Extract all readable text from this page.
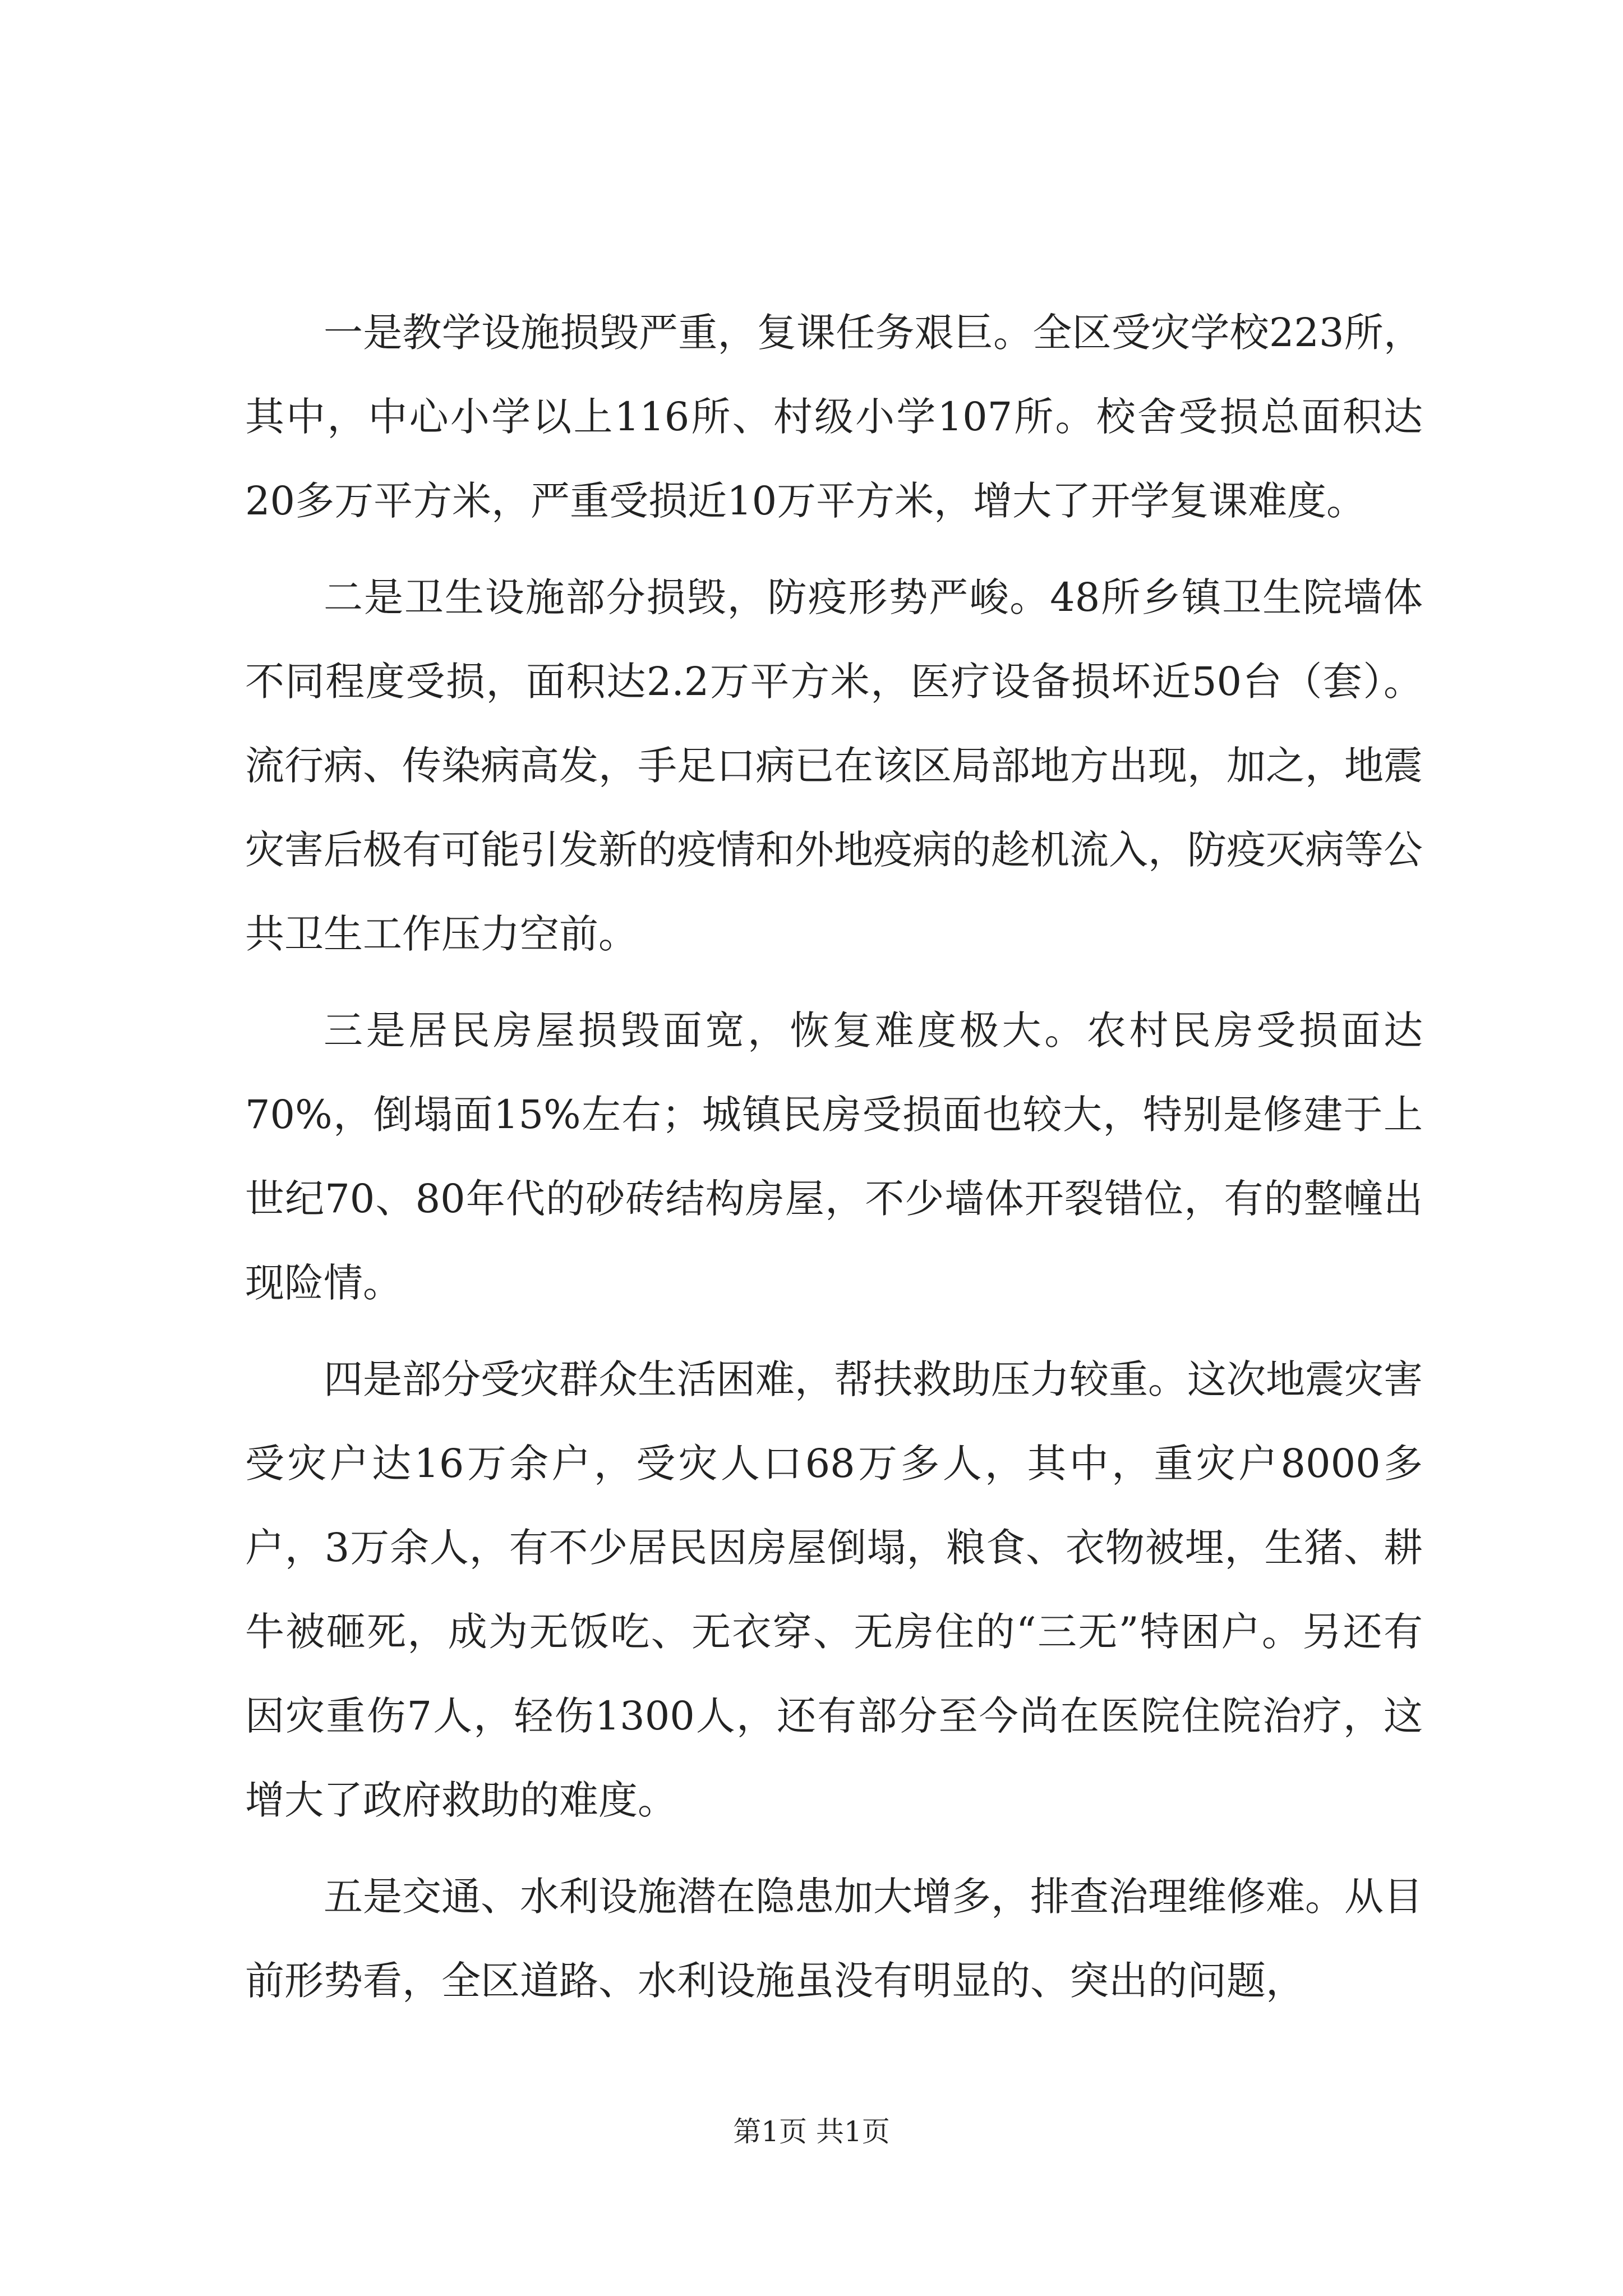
一是教学设施损毁严重，复课任务艰巨。全区受灾学校223所，其中，中心小学以上116所、村级小学107所。校舍受损总面积达20多万平方米，严重受损近10万平方米，增大了开学复课难度。

二是卫生设施部分损毁，防疫形势严峻。48所乡镇卫生院墙体不同程度受损，面积达2.2万平方米，医疗设备损坏近50台（套）。流行病、传染病高发，手足口病已在该区局部地方出现，加之，地震灾害后极有可能引发新的疫情和外地疫病的趁机流入，防疫灭病等公共卫生工作压力空前。

三是居民房屋损毁面宽，恢复难度极大。农村民房受损面达70%，倒塌面15%左右；城镇民房受损面也较大，特别是修建于上世纪70、80年代的砂砖结构房屋，不少墙体开裂错位，有的整幢出现险情。

四是部分受灾群众生活困难，帮扶救助压力较重。这次地震灾害受灾户达16万余户，受灾人口68万多人，其中，重灾户8000多户，3万余人，有不少居民因房屋倒塌，粮食、衣物被埋，生猪、耕牛被砸死，成为无饭吃、无衣穿、无房住的“三无”特困户。另还有因灾重伤7人，轻伤1300人，还有部分至今尚在医院住院治疗，这增大了政府救助的难度。

五是交通、水利设施潜在隐患加大增多，排查治理维修难。从目前形势看，全区道路、水利设施虽没有明显的、突出的问题，

第1页 共1页
